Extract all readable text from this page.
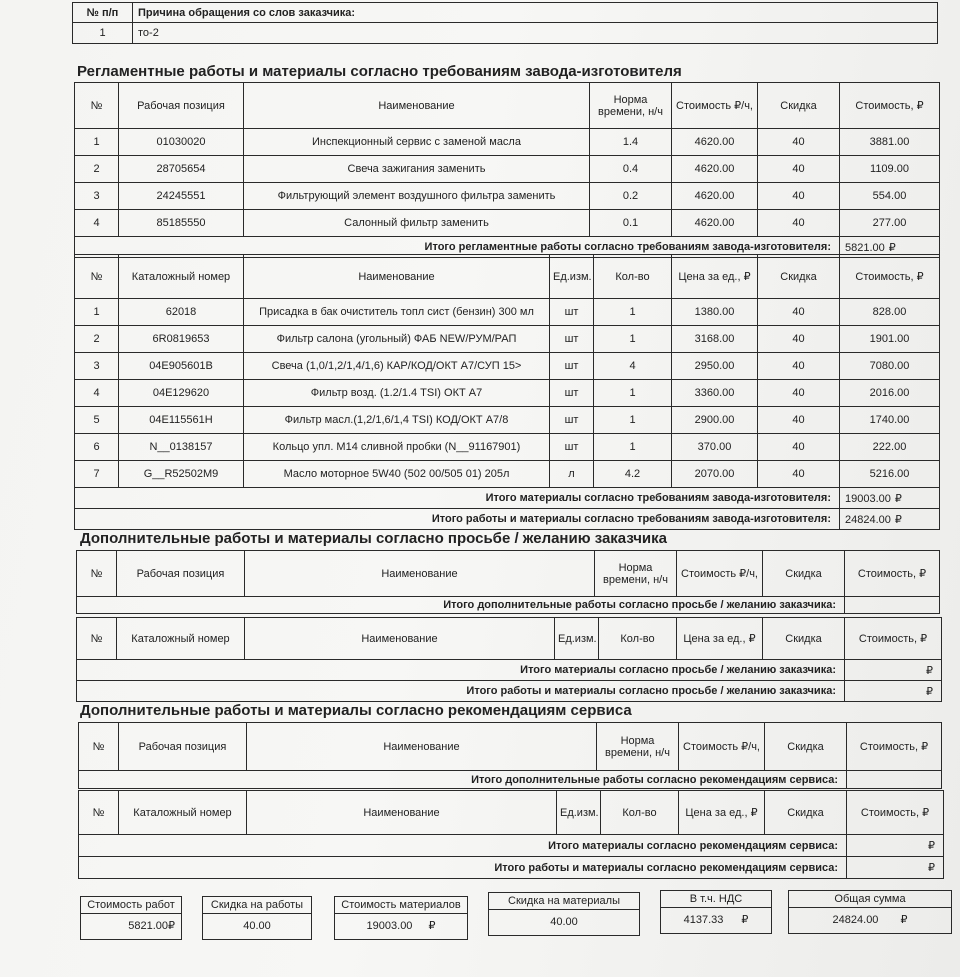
№ п/п	Причина обращения со слов заказчика:
1	то-2
Регламентные работы и материалы согласно требованиям завода-изготовителя
№	Рабочая позиция	Наименование	Норма времени, н/ч	Стоимость ₽/ч,	Скидка	Стоимость, ₽
1	01030020	Инспекционный сервис с заменой масла	1.4	4620.00	40	3881.00
2	28705654	Свеча зажигания заменить	0.4	4620.00	40	1109.00
3	24245551	Фильтрующий элемент воздушного фильтра заменить	0.2	4620.00	40	554.00
4	85185550	Салонный фильтр заменить	0.1	4620.00	40	277.00
Итого регламентные работы согласно требованиям завода-изготовителя:						5821.00 ₽
№	Каталожный номер	Наименование	Ед.изм.	Кол-во	Цена за ед., ₽	Скидка	Стоимость, ₽
1	62018	Присадка в бак очиститель топл сист (бензин) 300 мл	шт	1	1380.00	40	828.00
2	6R0819653	Фильтр салона (угольный) ФАБ NEW/РУМ/РАП	шт	1	3168.00	40	1901.00
3	04E905601B	Свеча (1,0/1,2/1,4/1,6) КАР/КОД/ОКТ А7/СУП 15>	шт	4	2950.00	40	7080.00
4	04E129620	Фильтр возд. (1.2/1.4 TSI) ОКТ А7	шт	1	3360.00	40	2016.00
5	04E115561H	Фильтр масл.(1,2/1,6/1,4 TSI) КОД/ОКТ А7/8	шт	1	2900.00	40	1740.00
6	N__0138157	Кольцо упл. М14 сливной пробки (N__91167901)	шт	1	370.00	40	222.00
7	G__R52502M9	Масло моторное 5W40 (502 00/505 01) 205л	л	4.2	2070.00	40	5216.00
Итого материалы согласно требованиям завода-изготовителя:							19003.00 ₽
Итого работы и материалы согласно требованиям завода-изготовителя:							24824.00 ₽
Дополнительные работы и материалы согласно просьбе / желанию заказчика
№	Рабочая позиция	Наименование	Норма времени, н/ч	Стоимость ₽/ч,	Скидка	Стоимость, ₽
Итого дополнительные работы согласно просьбе / желанию заказчика:						
№	Каталожный номер	Наименование	Ед.изм.	Кол-во	Цена за ед., ₽	Скидка	Стоимость, ₽
Итого материалы согласно просьбе / желанию заказчика:							₽
Итого работы и материалы согласно просьбе / желанию заказчика:							₽
Дополнительные работы и материалы согласно рекомендациям сервиса
№	Рабочая позиция	Наименование	Норма времени, н/ч	Стоимость ₽/ч,	Скидка	Стоимость, ₽
Итого дополнительные работы согласно рекомендациям сервиса:						
№	Каталожный номер	Наименование	Ед.изм.	Кол-во	Цена за ед., ₽	Скидка	Стоимость, ₽
Итого материалы согласно рекомендациям сервиса:							₽
Итого работы и материалы согласно рекомендациям сервиса:							₽
Стоимость работ
5821.00₽
Скидка на работы
40.00
Стоимость материалов
19003.00 ₽
Скидка на материалы
40.00
В т.ч. НДС
4137.33 ₽
Общая сумма
24824.00 ₽
